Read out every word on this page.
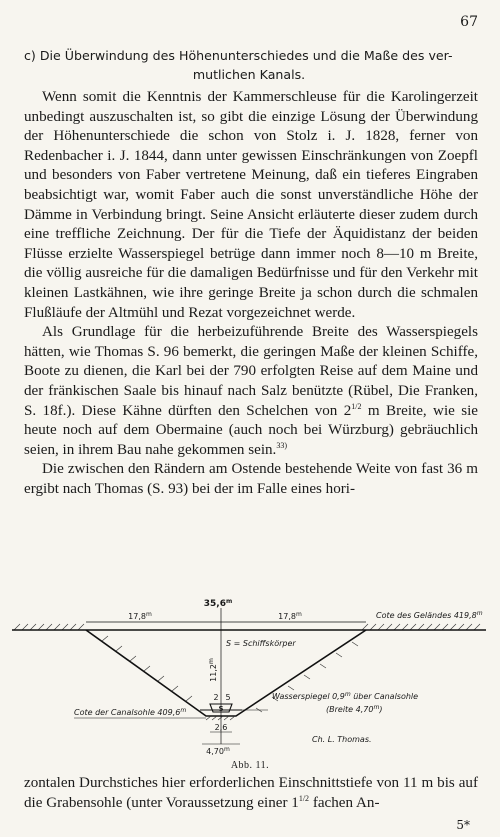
67
c) Die Überwindung des Höhenunterschiedes und die Maße des ver-
mutlichen Kanals.

Wenn somit die Kenntnis der Kammerschleuse für die Karolingerzeit unbedingt auszuschalten ist, so gibt die einzige Lösung der Überwindung der Höhenunterschiede die schon von Stolz i. J. 1828, ferner von Redenbacher i. J. 1844, dann unter gewissen Einschränkungen von Zoepfl und besonders von Faber vertretene Meinung, daß ein tieferes Eingraben beabsichtigt war, womit Faber auch die sonst unverständliche Höhe der Dämme in Verbindung bringt. Seine Ansicht erläuterte dieser zudem durch eine treffliche Zeichnung. Der für die Tiefe der Äquidistanz der beiden Flüsse erzielte Wasserspiegel betrüge dann immer noch 8—10 m Breite, die völlig ausreiche für die damaligen Bedürfnisse und für den Verkehr mit kleinen Lastkähnen, wie ihre geringe Breite ja schon durch die schmalen Flußläufe der Altmühl und Rezat vorgezeichnet werde.

Als Grundlage für die herbeizuführende Breite des Wasserspiegels hätten, wie Thomas S. 96 bemerkt, die geringen Maße der kleinen Schiffe, Boote zu dienen, die Karl bei der 790 erfolgten Reise auf dem Maine und der fränkischen Saale bis hinauf nach Salz benützte (Rübel, Die Franken, S. 18f.). Diese Kähne dürften den Schelchen von $2^{1/2}$ m Breite, wie sie heute noch auf dem Obermaine (auch noch bei Würzburg) gebräuchlich seien, in ihrem Bau nahe gekommen sein.$^{33)}$

Die zwischen den Rändern am Ostende bestehende Weite von fast 36 m ergibt nach Thomas (S. 93) bei der im Falle eines hori-

35,6$^m$
17,8$^m$	17,8$^m$	Cote des Geländes 419,8$^m$
S = Schiffskörper
11,2$^m$
2 5
S
Wasserspiegel 0,9$^m$ über Canalsohle
(Breite 4,70$^m$)
Cote der Canalsohle 409,6$^m$
2,6
4,70$^m$
Ch. L. Thomas.
Abb. 11.

zontalen Durchstiches hier erforderlichen Einschnittstiefe von 11 m bis auf die Grabensohle (unter Voraussetzung einer $1^{1/2}$ fachen An-

5*
